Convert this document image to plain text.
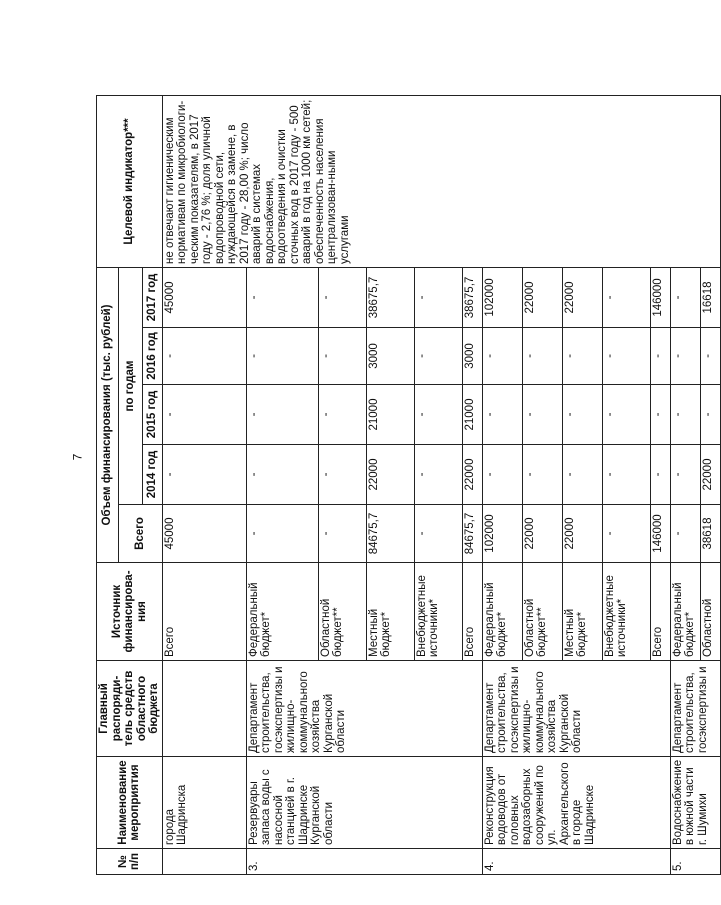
7
№ п/п	Наименование мероприятия	Главный распоряди-тель средств областного бюджета	Источник финансирова-ния	Объем финансирования (тыс. рублей)					Целевой индикатор***
				Всего	по годам				
					2014 год	2015 год	2016 год	2017 год	
	города Шадринска		Всего	45000	-	-	-	45000	не отвечают гигиеническим нормативам по микробиологи-ческим показателям, в 2017 году - 2,76 %; доля уличной водопроводной сети, нуждающейся в замене, в 2017 году - 28,00 %; число аварий в системах водоснабжения, водоотведения и очистки сточных вод в 2017 году - 500 аварий в год на 1000 км сетей; обеспеченность населения централизован-ными услугами
3.	Резервуары запаса воды с насосной станцией в г. Шадринске Курганской области	Департамент строительства, госэкспертизы и жилищно-коммунального хозяйства Курганской области	Федеральный бюджет*	-	-	-	-	-	
			Областной бюджет**	-	-	-	-	-	
			Местный бюджет*	84675,7	22000	21000	3000	38675,7	
			Внебюджетные источники*	-	-	-	-	-	
			Всего	84675,7	22000	21000	3000	38675,7	
4.	Реконструкция водоводов от головных водозаборных сооружений по ул. Архангельского в городе Шадринске	Департамент строительства, госэкспертизы и жилищно-коммунального хозяйства Курганской области	Федеральный бюджет*	102000	-	-	-	102000	
			Областной бюджет**	22000	-	-	-	22000	
			Местный бюджет*	22000	-	-	-	22000	
			Внебюджетные источники*	-	-	-	-	-	
			Всего	146000	-	-	-	146000	
5.	Водоснабжение в южной части г. Шумихи	Департамент строительства, госэкспертизы и	Федеральный бюджет*	-	-	-	-	-	
			Областной	38618	22000	-	-	16618	
